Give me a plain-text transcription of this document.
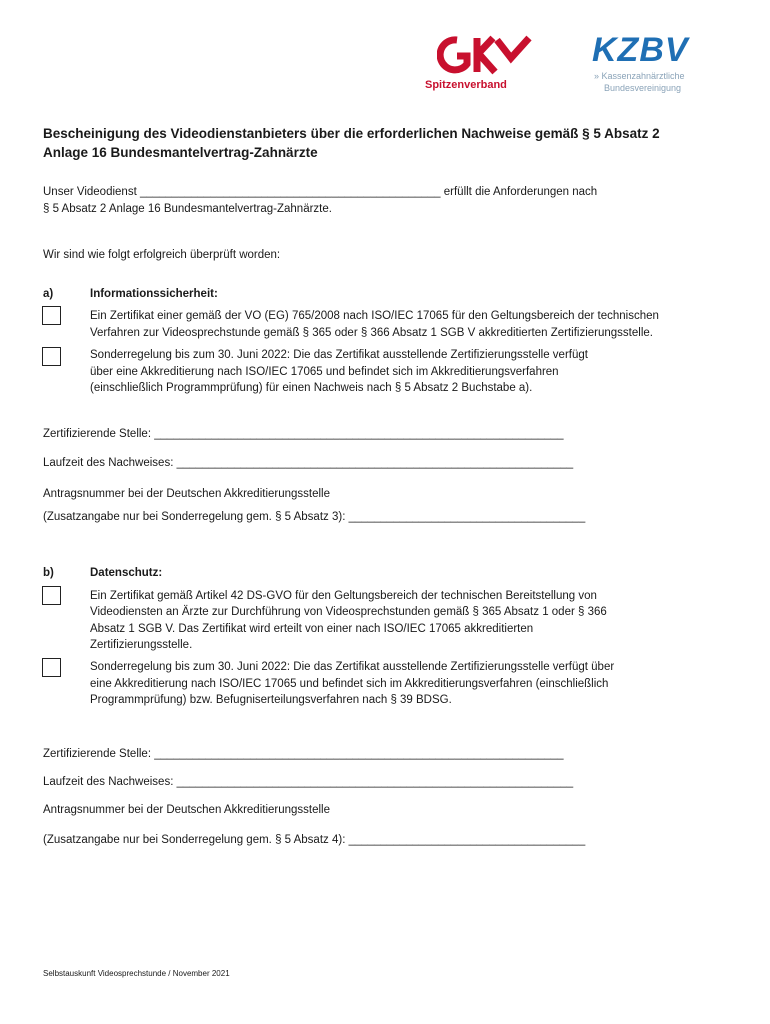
Spitzenverband
KZBV
» Kassenzahnärztliche
Bundesvereinigung
Bescheinigung des Videodienstanbieters über die erforderlichen Nachweise gemäß § 5 Absatz 2
Anlage 16 Bundesmantelvertrag-Zahnärzte
Unser Videodienst _______________________________________________ erfüllt die Anforderungen nach
§ 5 Absatz 2 Anlage 16 Bundesmantelvertrag-Zahnärzte.
Wir sind wie folgt erfolgreich überprüft worden:
a)	Informationssicherheit:
Ein Zertifikat einer gemäß der VO (EG) 765/2008 nach ISO/IEC 17065 für den Geltungsbereich der technischen
Verfahren zur Videosprechstunde gemäß § 365 oder § 366 Absatz 1 SGB V akkreditierten Zertifizierungsstelle.
Sonderregelung bis zum 30. Juni 2022: Die das Zertifikat ausstellende Zertifizierungsstelle verfügt
über eine Akkreditierung nach ISO/IEC 17065 und befindet sich im Akkreditierungsverfahren
(einschließlich Programmprüfung) für einen Nachweis nach § 5 Absatz 2 Buchstabe a).
Zertifizierende Stelle: ________________________________________________________________
Laufzeit des Nachweises: ______________________________________________________________
Antragsnummer bei der Deutschen Akkreditierungsstelle
(Zusatzangabe nur bei Sonderregelung gem. § 5 Absatz 3): _____________________________________
b)	Datenschutz:
Ein Zertifikat gemäß Artikel 42 DS-GVO für den Geltungsbereich der technischen Bereitstellung von
Videodiensten an Ärzte zur Durchführung von Videosprechstunden gemäß § 365 Absatz 1 oder § 366
Absatz 1 SGB V. Das Zertifikat wird erteilt von einer nach ISO/IEC 17065 akkreditierten
Zertifizierungsstelle.
Sonderregelung bis zum 30. Juni 2022: Die das Zertifikat ausstellende Zertifizierungsstelle verfügt über
eine Akkreditierung nach ISO/IEC 17065 und befindet sich im Akkreditierungsverfahren (einschließlich
Programmprüfung) bzw. Befugniserteilungsverfahren nach § 39 BDSG.
Zertifizierende Stelle: ________________________________________________________________
Laufzeit des Nachweises: ______________________________________________________________
Antragsnummer bei der Deutschen Akkreditierungsstelle
(Zusatzangabe nur bei Sonderregelung gem. § 5 Absatz 4): _____________________________________
Selbstauskunft Videosprechstunde / November 2021
